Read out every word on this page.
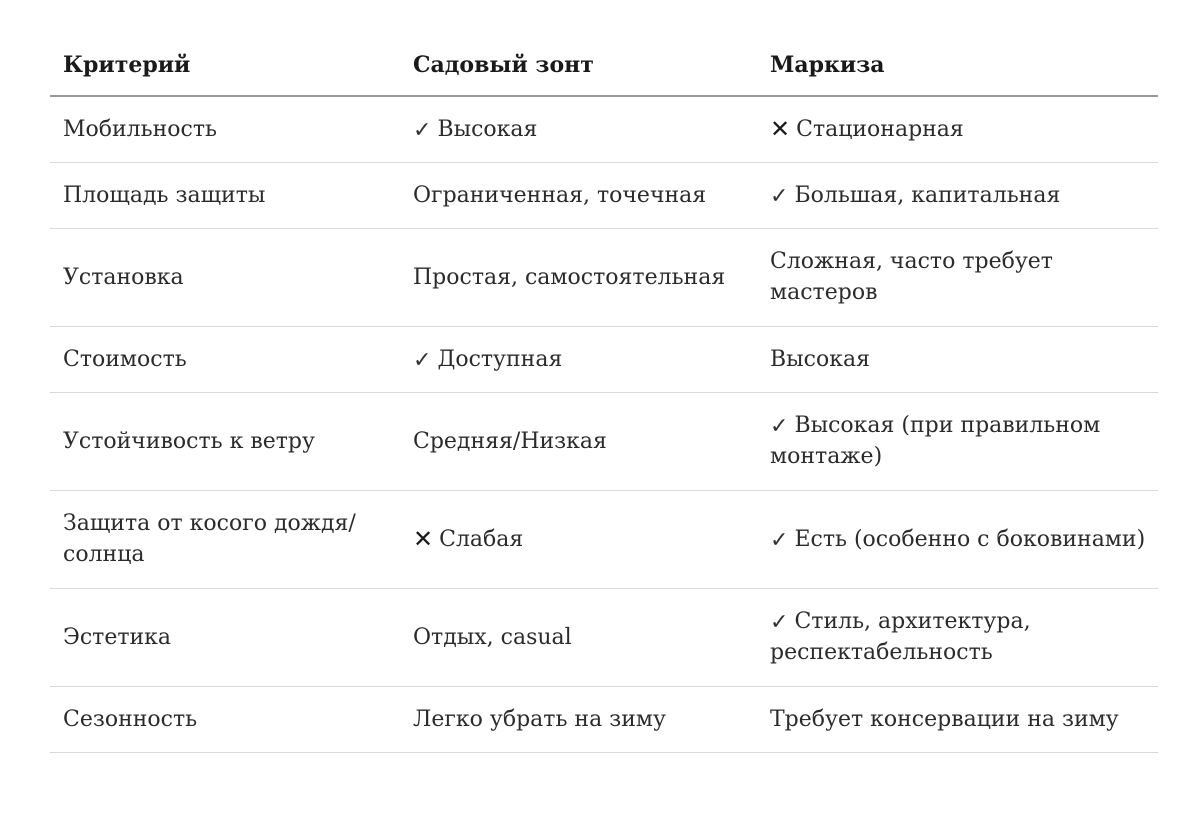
Критерий	Садовый зонт	Маркиза
Мобильность	✓ Высокая	✕ Стационарная
Площадь защиты	Ограниченная, точечная	✓ Большая, капитальная
Установка	Простая, самостоятельная	Сложная, часто требует мастеров
Стоимость	✓ Доступная	Высокая
Устойчивость к ветру	Средняя/Низкая	✓ Высокая (при правильном монтаже)
Защита от косого дождя/солнца	✕ Слабая	✓ Есть (особенно с боковинами)
Эстетика	Отдых, casual	✓ Стиль, архитектура, респектабельность
Сезонность	Легко убрать на зиму	Требует консервации на зиму
